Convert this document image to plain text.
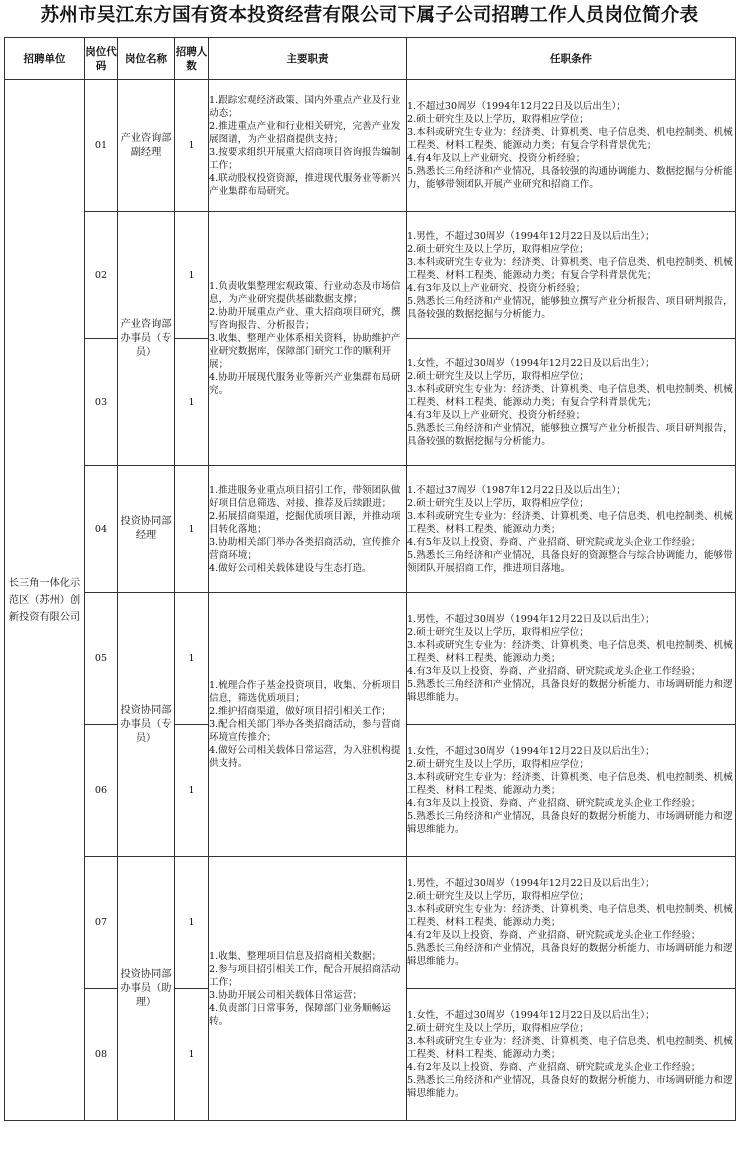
苏州市吴江东方国有资本投资经营有限公司下属子公司招聘工作人员岗位简介表
招聘单位	岗位代码	岗位名称	招聘人数	主要职责	任职条件
长三角一体化示范区（苏州）创新投资有限公司	01	产业咨询部副经理	1	1.跟踪宏观经济政策、国内外重点产业及行业动态；
2.推进重点产业和行业相关研究，完善产业发展图谱，为产业招商提供支持；
3.按要求组织开展重大招商项目咨询报告编制工作；
4.联动股权投资资源，推进现代服务业等新兴产业集群布局研究。	1.不超过30周岁（1994年12月22日及以后出生）；
2.硕士研究生及以上学历，取得相应学位；
3.本科或研究生专业为：经济类、计算机类、电子信息类、机电控制类、机械工程类、材料工程类、能源动力类；有复合学科背景优先；
4.有4年及以上产业研究、投资分析经验；
5.熟悉长三角经济和产业情况，具备较强的沟通协调能力、数据挖掘与分析能力，能够带领团队开展产业研究和招商工作。

	02	产业咨询部办事员（专员）	1	1.负责收集整理宏观政策、行业动态及市场信息，为产业研究提供基础数据支撑；
2.协助开展重点产业、重大招商项目研究，撰写咨询报告、分析报告；
3.收集、整理产业体系相关资料，协助维护产业研究数据库，保障部门研究工作的顺利开展；
4.协助开展现代服务业等新兴产业集群布局研究。	1.男性，不超过30周岁（1994年12月22日及以后出生）；
2.硕士研究生及以上学历，取得相应学位；
3.本科或研究生专业为：经济类、计算机类、电子信息类、机电控制类、机械工程类、材料工程类、能源动力类；有复合学科背景优先；
4.有3年及以上产业研究、投资分析经验；
5.熟悉长三角经济和产业情况，能够独立撰写产业分析报告、项目研判报告，具备较强的数据挖掘与分析能力。

	03		1		1.女性，不超过30周岁（1994年12月22日及以后出生）；
2.硕士研究生及以上学历，取得相应学位；
3.本科或研究生专业为：经济类、计算机类、电子信息类、机电控制类、机械工程类、材料工程类、能源动力类；有复合学科背景优先；
4.有3年及以上产业研究、投资分析经验；
5.熟悉长三角经济和产业情况，能够独立撰写产业分析报告、项目研判报告，具备较强的数据挖掘与分析能力。

	04	投资协同部经理	1	1.推进服务业重点项目招引工作，带领团队做好项目信息筛选、对接、推荐及后续跟进；
2.拓展招商渠道，挖掘优质项目源，并推动项目转化落地；
3.协助相关部门举办各类招商活动，宣传推介营商环境；
4.做好公司相关载体建设与生态打造。	1.不超过37周岁（1987年12月22日及以后出生）；
2.硕士研究生及以上学历，取得相应学位；
3.本科或研究生专业为：经济类、计算机类、电子信息类、机电控制类、机械工程类、材料工程类、能源动力类；
4.有5年及以上投资、券商、产业招商、研究院或龙头企业工作经验；
5.熟悉长三角经济和产业情况，具备良好的资源整合与综合协调能力，能够带领团队开展招商工作，推进项目落地。

	05	投资协同部办事员（专员）	1	1.梳理合作子基金投资项目，收集、分析项目信息，筛选优质项目；
2.维护招商渠道，做好项目招引相关工作；
3.配合相关部门举办各类招商活动，参与营商环境宣传推介；
4.做好公司相关载体日常运营，为入驻机构提供支持。	1.男性，不超过30周岁（1994年12月22日及以后出生）；
2.硕士研究生及以上学历，取得相应学位；
3.本科或研究生专业为：经济类、计算机类、电子信息类、机电控制类、机械工程类、材料工程类、能源动力类；
4.有3年及以上投资、券商、产业招商、研究院或龙头企业工作经验；
5.熟悉长三角经济和产业情况，具备良好的数据分析能力、市场调研能力和逻辑思维能力。

	06		1		1.女性，不超过30周岁（1994年12月22日及以后出生）；
2.硕士研究生及以上学历，取得相应学位；
3.本科或研究生专业为：经济类、计算机类、电子信息类、机电控制类、机械工程类、材料工程类、能源动力类；
4.有3年及以上投资、券商、产业招商、研究院或龙头企业工作经验；
5.熟悉长三角经济和产业情况，具备良好的数据分析能力、市场调研能力和逻辑思维能力。

	07	投资协同部办事员（助理）	1	1.收集、整理项目信息及招商相关数据；
2.参与项目招引相关工作，配合开展招商活动工作；
3.协助开展公司相关载体日常运营；
4.负责部门日常事务，保障部门业务顺畅运转。	1.男性，不超过30周岁（1994年12月22日及以后出生）；
2.硕士研究生及以上学历，取得相应学位；
3.本科或研究生专业为：经济类、计算机类、电子信息类、机电控制类、机械工程类、材料工程类、能源动力类；
4.有2年及以上投资、券商、产业招商、研究院或龙头企业工作经验；
5.熟悉长三角经济和产业情况，具备良好的数据分析能力、市场调研能力和逻辑思维能力。

	08		1		1.女性，不超过30周岁（1994年12月22日及以后出生）；
2.硕士研究生及以上学历，取得相应学位；
3.本科或研究生专业为：经济类、计算机类、电子信息类、机电控制类、机械工程类、材料工程类、能源动力类；
4.有2年及以上投资、券商、产业招商、研究院或龙头企业工作经验；
5.熟悉长三角经济和产业情况，具备良好的数据分析能力、市场调研能力和逻辑思维能力。
